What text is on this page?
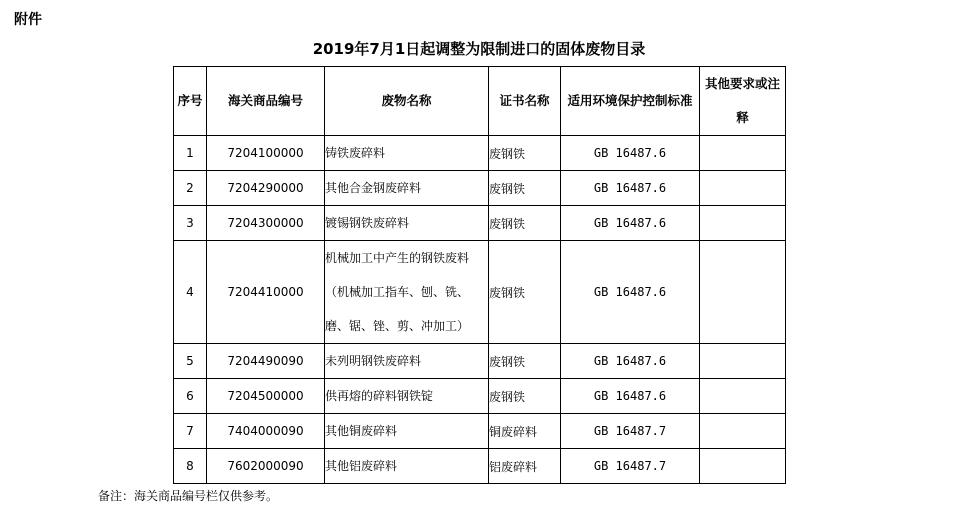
附件
2019年7月1日起调整为限制进口的固体废物目录
序号	海关商品编号	废物名称	证书名称	适用环境保护控制标准	其他要求或注释
1	7204100000	铸铁废碎料	废钢铁	GB 16487.6	
2	7204290000	其他合金钢废碎料	废钢铁	GB 16487.6	
3	7204300000	镀锡钢铁废碎料	废钢铁	GB 16487.6	
4	7204410000	机械加工中产生的钢铁废料
（机械加工指车、刨、铣、
磨、锯、锉、剪、冲加工）	废钢铁	GB 16487.6	
5	7204490090	未列明钢铁废碎料	废钢铁	GB 16487.6	
6	7204500000	供再熔的碎料钢铁锭	废钢铁	GB 16487.6	
7	7404000090	其他铜废碎料	铜废碎料	GB 16487.7	
8	7602000090	其他铝废碎料	铝废碎料	GB 16487.7	
备注：海关商品编号栏仅供参考。
